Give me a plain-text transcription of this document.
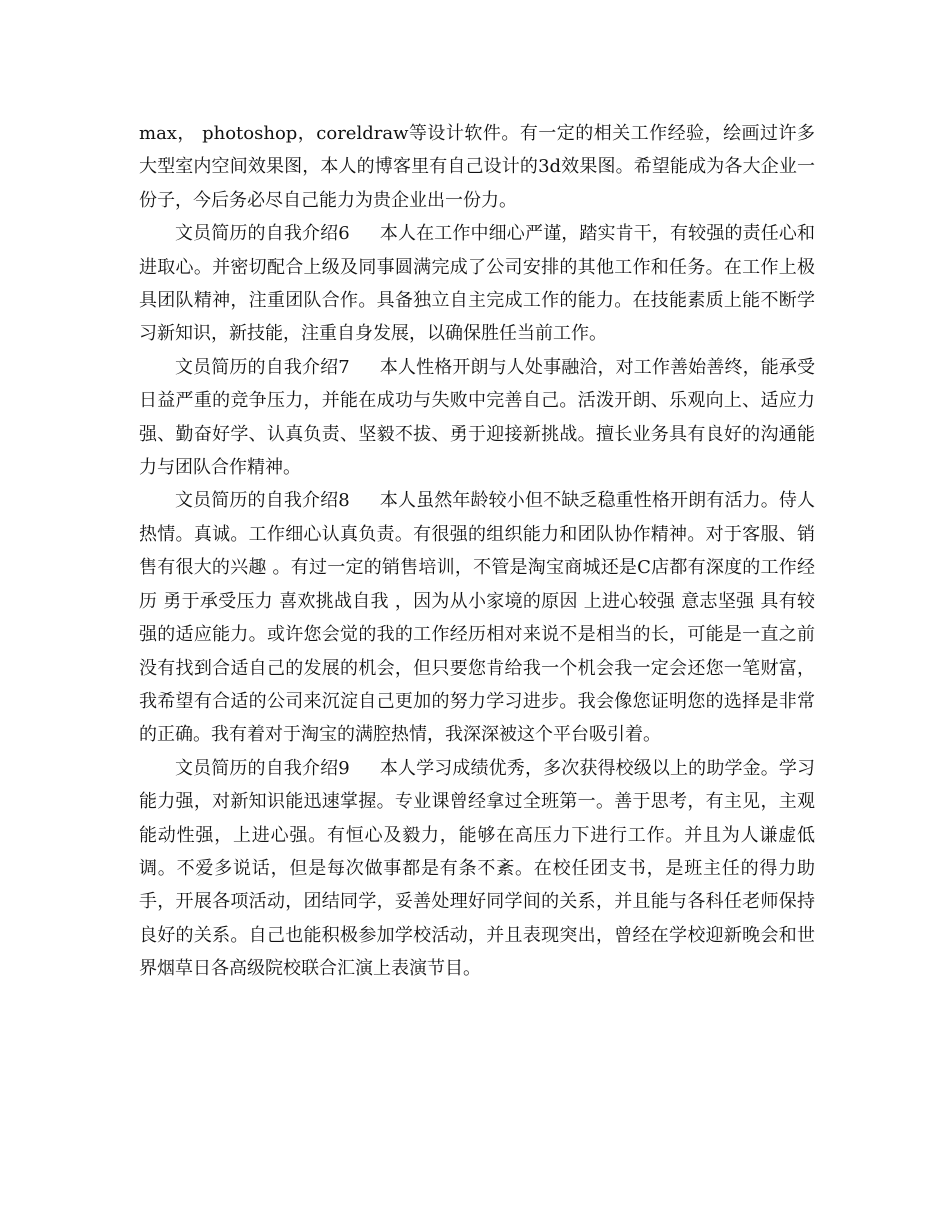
max， photoshop，coreldraw等设计软件。有一定的相关工作经验，绘画过许多大型室内空间效果图，本人的博客里有自己设计的3d效果图。希望能成为各大企业一份子，今后务必尽自己能力为贵企业出一份力。

文员简历的自我介绍6 本人在工作中细心严谨，踏实肯干，有较强的责任心和进取心。并密切配合上级及同事圆满完成了公司安排的其他工作和任务。在工作上极具团队精神，注重团队合作。具备独立自主完成工作的能力。在技能素质上能不断学习新知识，新技能，注重自身发展，以确保胜任当前工作。

文员简历的自我介绍7 本人性格开朗与人处事融洽，对工作善始善终，能承受日益严重的竞争压力，并能在成功与失败中完善自己。活泼开朗、乐观向上、适应力强、勤奋好学、认真负责、坚毅不拔、勇于迎接新挑战。擅长业务具有良好的沟通能力与团队合作精神。

文员简历的自我介绍8 本人虽然年龄较小但不缺乏稳重性格开朗有活力。侍人热情。真诚。工作细心认真负责。有很强的组织能力和团队协作精神。对于客服、销售有很大的兴趣 。有过一定的销售培训，不管是淘宝商城还是C店都有深度的工作经历 勇于承受压力 喜欢挑战自我 ，因为从小家境的原因 上进心较强 意志坚强 具有较强的适应能力。或许您会觉的我的工作经历相对来说不是相当的长，可能是一直之前没有找到合适自己的发展的机会，但只要您肯给我一个机会我一定会还您一笔财富，我希望有合适的公司来沉淀自己更加的努力学习进步。我会像您证明您的选择是非常的正确。我有着对于淘宝的满腔热情，我深深被这个平台吸引着。

文员简历的自我介绍9 本人学习成绩优秀，多次获得校级以上的助学金。学习能力强，对新知识能迅速掌握。专业课曾经拿过全班第一。善于思考，有主见，主观能动性强，上进心强。有恒心及毅力，能够在高压力下进行工作。并且为人谦虚低调。不爱多说话，但是每次做事都是有条不紊。在校任团支书，是班主任的得力助手，开展各项活动，团结同学，妥善处理好同学间的关系，并且能与各科任老师保持良好的关系。自己也能积极参加学校活动，并且表现突出，曾经在学校迎新晚会和世界烟草日各高级院校联合汇演上表演节目。
